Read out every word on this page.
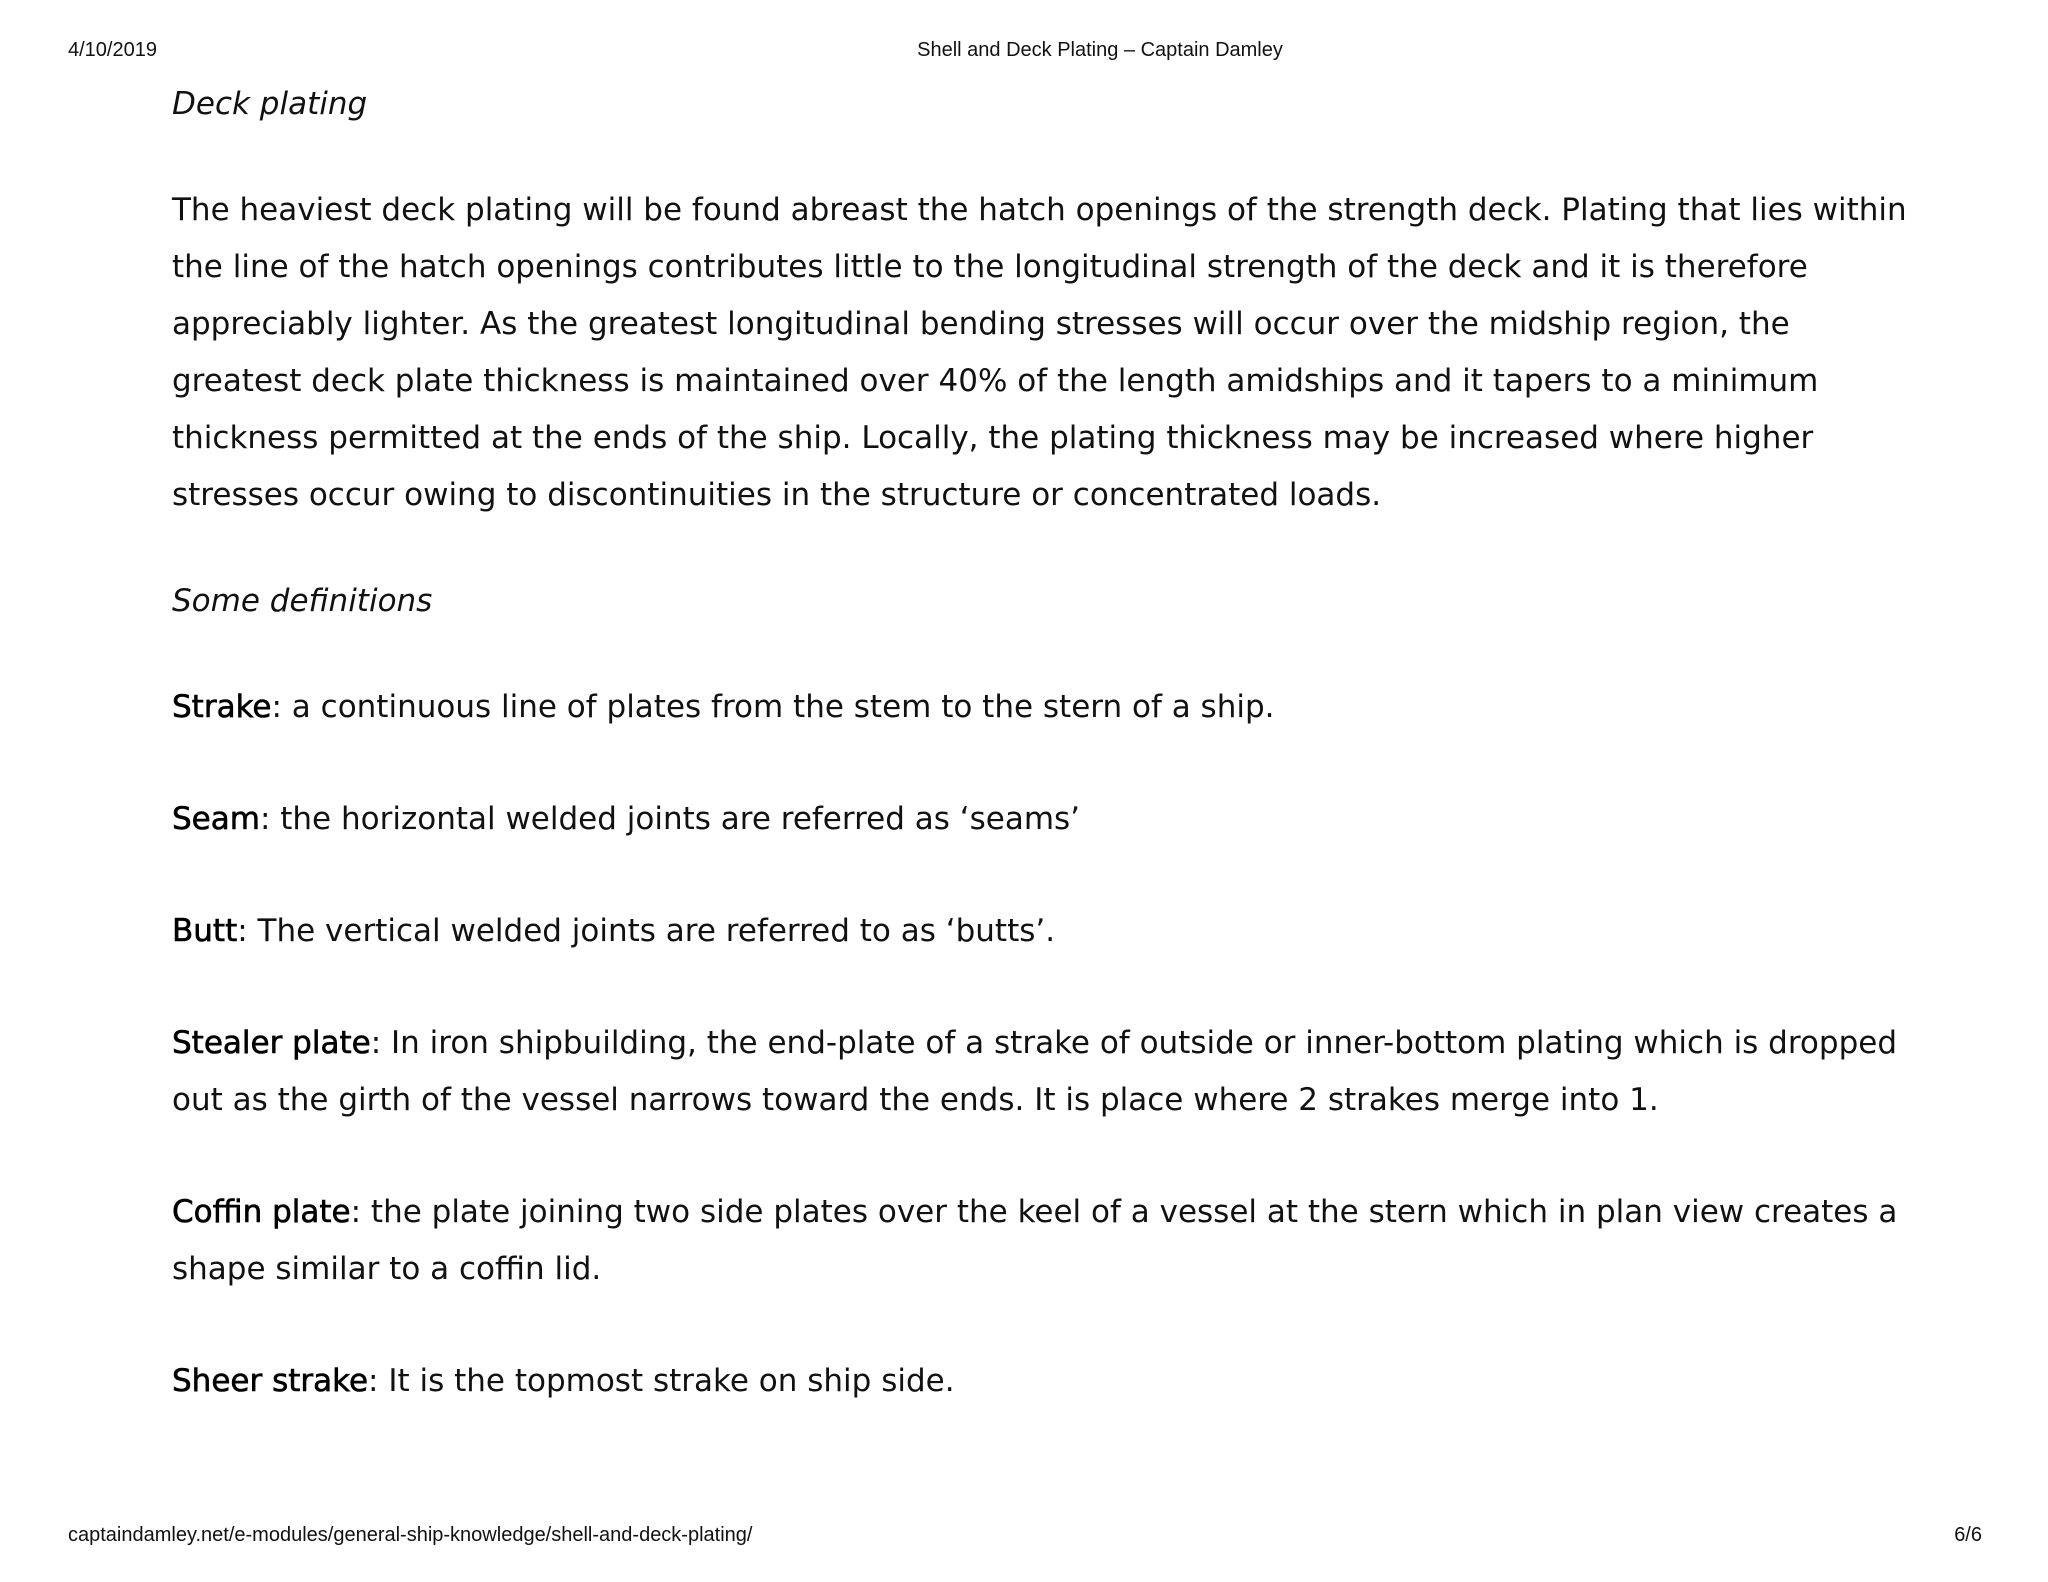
4/10/2019	Shell and Deck Plating – Captain Damley
Deck plating

The heaviest deck plating will be found abreast the hatch openings of the strength deck. Plating that lies within the line of the hatch openings contributes little to the longitudinal strength of the deck and it is therefore appreciably lighter. As the greatest longitudinal bending stresses will occur over the midship region, the greatest deck plate thickness is maintained over 40% of the length amidships and it tapers to a minimum thickness permitted at the ends of the ship. Locally, the plating thickness may be increased where higher stresses occur owing to discontinuities in the structure or concentrated loads.

Some definitions

Strake: a continuous line of plates from the stem to the stern of a ship.

Seam: the horizontal welded joints are referred as ‘seams’

Butt: The vertical welded joints are referred to as ‘butts’.

Stealer plate: In iron shipbuilding, the end-plate of a strake of outside or inner-bottom plating which is dropped out as the girth of the vessel narrows toward the ends. It is place where 2 strakes merge into 1.

Coffin plate: the plate joining two side plates over the keel of a vessel at the stern which in plan view creates a shape similar to a coffin lid.

Sheer strake: It is the topmost strake on ship side.

captaindamley.net/e-modules/general-ship-knowledge/shell-and-deck-plating/	6/6
